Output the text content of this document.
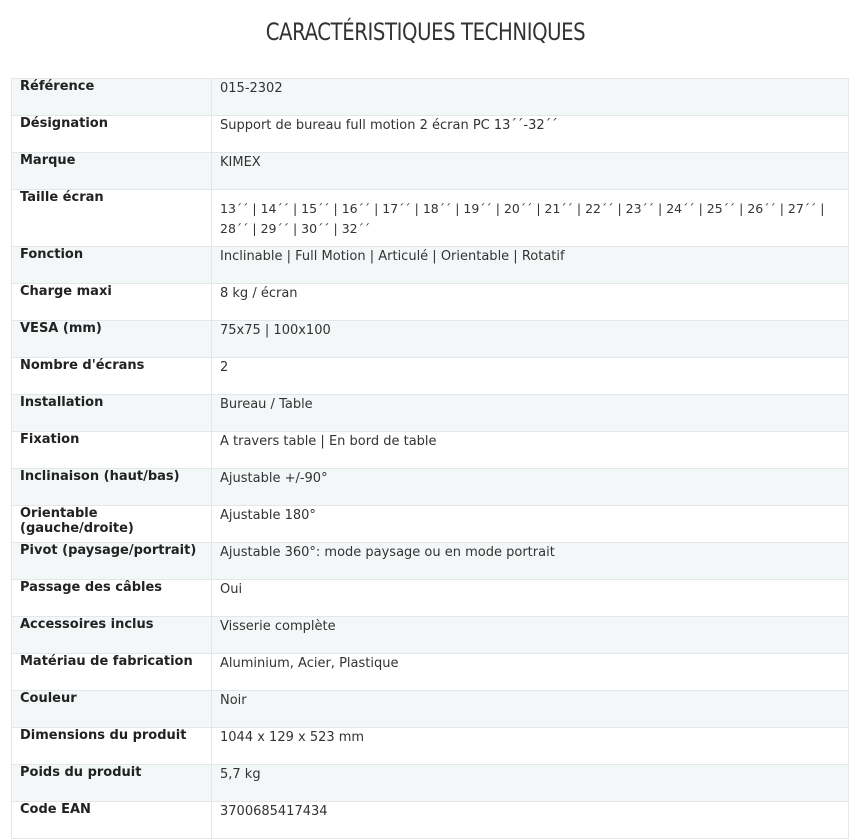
CARACTÉRISTIQUES TECHNIQUES
Référence	015-2302
Désignation	Support de bureau full motion 2 écran PC 13´´-32´´
Marque	KIMEX
Taille écran	13´´ | 14´´ | 15´´ | 16´´ | 17´´ | 18´´ | 19´´ | 20´´ | 21´´ | 22´´ | 23´´ | 24´´ | 25´´ | 26´´ | 27´´ | 28´´ | 29´´ | 30´´ | 32´´
Fonction	Inclinable | Full Motion | Articulé | Orientable | Rotatif
Charge maxi	8 kg / écran
VESA (mm)	75x75 | 100x100
Nombre d'écrans	2
Installation	Bureau / Table
Fixation	A travers table | En bord de table
Inclinaison (haut/bas)	Ajustable +/-90°
Orientable (gauche/droite)	Ajustable 180°
Pivot (paysage/portrait)	Ajustable 360°: mode paysage ou en mode portrait
Passage des câbles	Oui
Accessoires inclus	Visserie complète
Matériau de fabrication	Aluminium, Acier, Plastique
Couleur	Noir
Dimensions du produit	1044 x 129 x 523 mm
Poids du produit	5,7 kg
Code EAN	3700685417434
